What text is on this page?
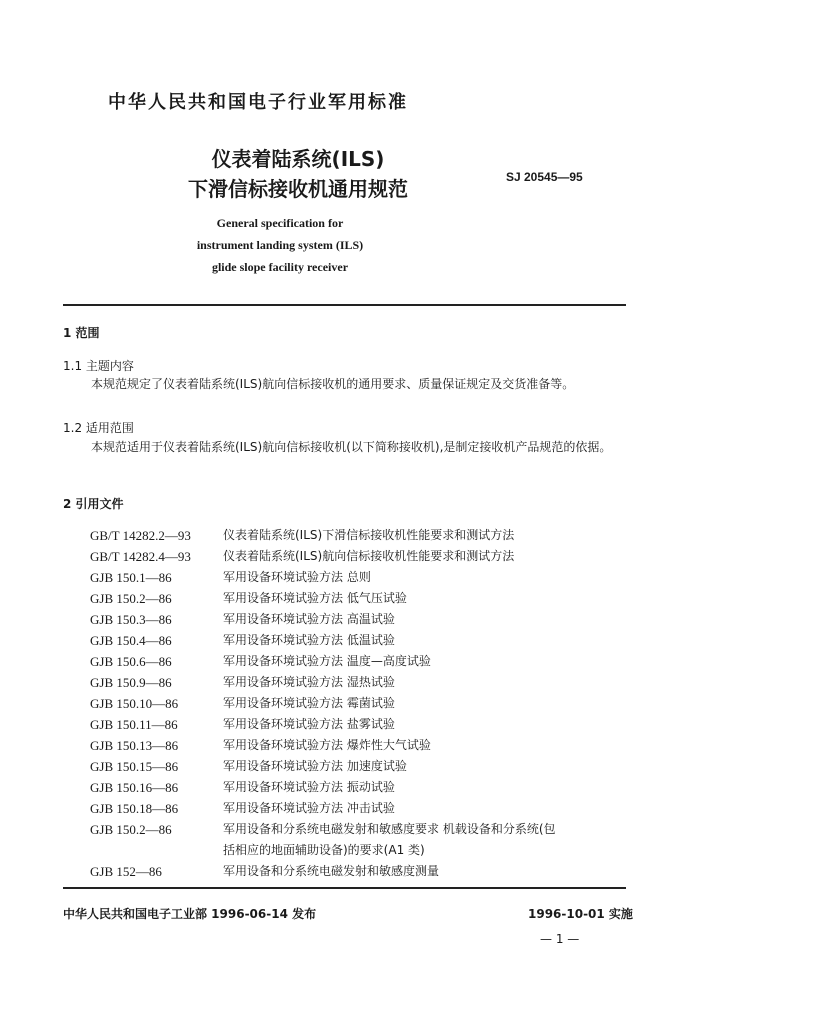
中华人民共和国电子行业军用标准
仪表着陆系统(ILS)
下滑信标接收机通用规范	SJ 20545—95
General specification for
instrument landing system (ILS)
glide slope facility receiver
1 范围
1.1 主题内容
本规范规定了仪表着陆系统(ILS)航向信标接收机的通用要求、质量保证规定及交货准备等。
1.2 适用范围
本规范适用于仪表着陆系统(ILS)航向信标接收机(以下简称接收机),是制定接收机产品规范的依据。
2 引用文件
GB/T 14282.2—93	仪表着陆系统(ILS)下滑信标接收机性能要求和测试方法
GB/T 14282.4—93	仪表着陆系统(ILS)航向信标接收机性能要求和测试方法
GJB 150.1—86	军用设备环境试验方法 总则
GJB 150.2—86	军用设备环境试验方法 低气压试验
GJB 150.3—86	军用设备环境试验方法 高温试验
GJB 150.4—86	军用设备环境试验方法 低温试验
GJB 150.6—86	军用设备环境试验方法 温度—高度试验
GJB 150.9—86	军用设备环境试验方法 湿热试验
GJB 150.10—86	军用设备环境试验方法 霉菌试验
GJB 150.11—86	军用设备环境试验方法 盐雾试验
GJB 150.13—86	军用设备环境试验方法 爆炸性大气试验
GJB 150.15—86	军用设备环境试验方法 加速度试验
GJB 150.16—86	军用设备环境试验方法 振动试验
GJB 150.18—86	军用设备环境试验方法 冲击试验
GJB 150.2—86	军用设备和分系统电磁发射和敏感度要求 机载设备和分系统(包
括相应的地面辅助设备)的要求(A1 类)
GJB 152—86	军用设备和分系统电磁发射和敏感度测量
中华人民共和国电子工业部 1996-06-14 发布	1996-10-01 实施
— 1 —
